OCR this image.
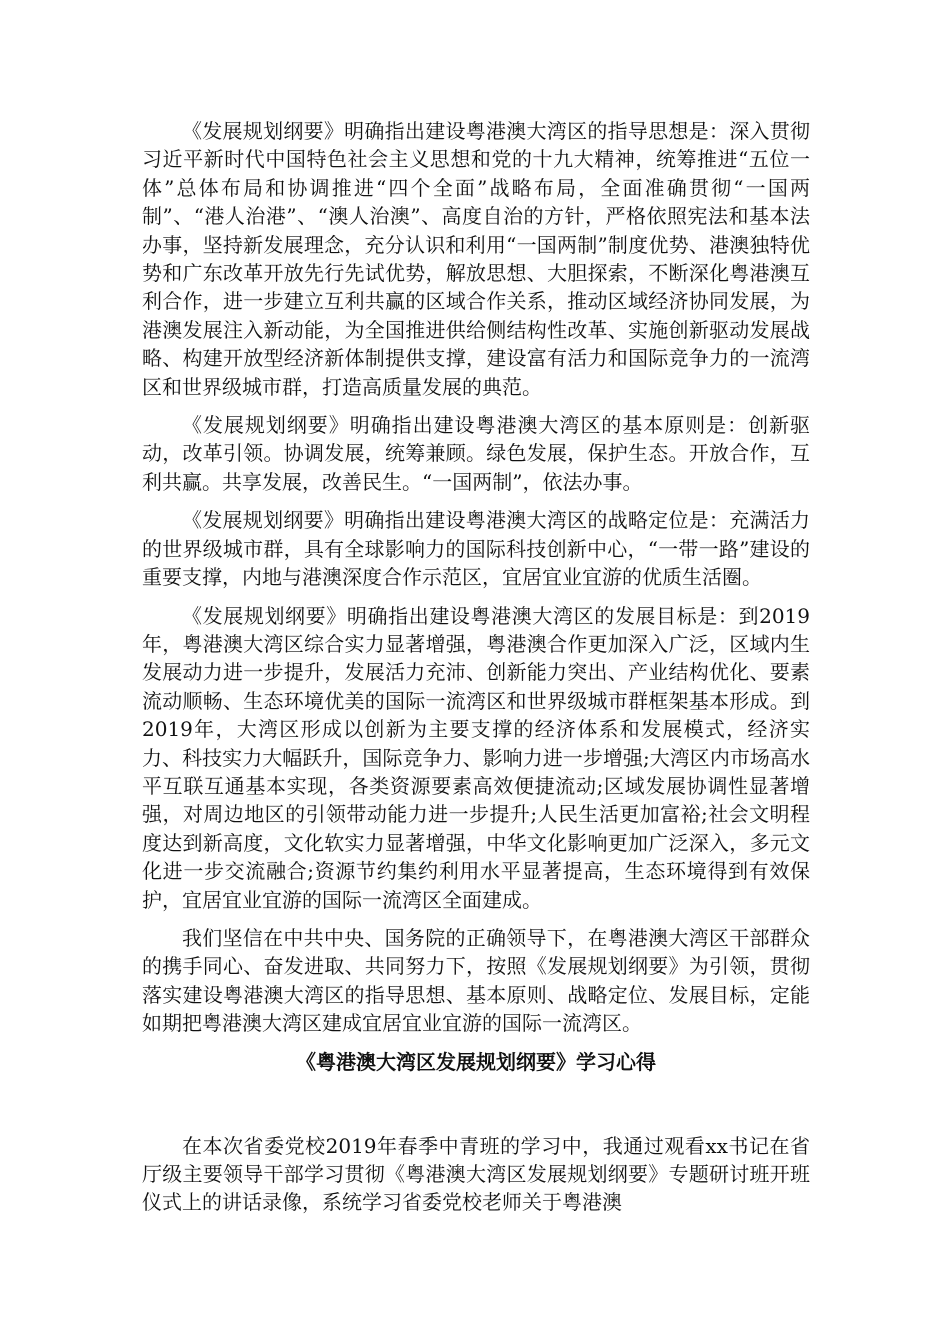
《发展规划纲要》明确指出建设粤港澳大湾区的指导思想是：深入贯彻习近平新时代中国特色社会主义思想和党的十九大精神，统筹推进“五位一体”总体布局和协调推进“四个全面”战略布局，全面准确贯彻“一国两制”、“港人治港”、“澳人治澳”、高度自治的方针，严格依照宪法和基本法办事，坚持新发展理念，充分认识和利用“一国两制”制度优势、港澳独特优势和广东改革开放先行先试优势，解放思想、大胆探索，不断深化粤港澳互利合作，进一步建立互利共赢的区域合作关系，推动区域经济协同发展，为港澳发展注入新动能，为全国推进供给侧结构性改革、实施创新驱动发展战略、构建开放型经济新体制提供支撑，建设富有活力和国际竞争力的一流湾区和世界级城市群，打造高质量发展的典范。

《发展规划纲要》明确指出建设粤港澳大湾区的基本原则是：创新驱动，改革引领。协调发展，统筹兼顾。绿色发展，保护生态。开放合作，互利共赢。共享发展，改善民生。“一国两制”，依法办事。

《发展规划纲要》明确指出建设粤港澳大湾区的战略定位是：充满活力的世界级城市群，具有全球影响力的国际科技创新中心，“一带一路”建设的重要支撑，内地与港澳深度合作示范区，宜居宜业宜游的优质生活圈。

《发展规划纲要》明确指出建设粤港澳大湾区的发展目标是：到2019年，粤港澳大湾区综合实力显著增强，粤港澳合作更加深入广泛，区域内生发展动力进一步提升，发展活力充沛、创新能力突出、产业结构优化、要素流动顺畅、生态环境优美的国际一流湾区和世界级城市群框架基本形成。到2019年，大湾区形成以创新为主要支撑的经济体系和发展模式，经济实力、科技实力大幅跃升，国际竞争力、影响力进一步增强;大湾区内市场高水平互联互通基本实现，各类资源要素高效便捷流动;区域发展协调性显著增强，对周边地区的引领带动能力进一步提升;人民生活更加富裕;社会文明程度达到新高度，文化软实力显著增强，中华文化影响更加广泛深入，多元文化进一步交流融合;资源节约集约利用水平显著提高，生态环境得到有效保护，宜居宜业宜游的国际一流湾区全面建成。

我们坚信在中共中央、国务院的正确领导下，在粤港澳大湾区干部群众的携手同心、奋发进取、共同努力下，按照《发展规划纲要》为引领，贯彻落实建设粤港澳大湾区的指导思想、基本原则、战略定位、发展目标，定能如期把粤港澳大湾区建成宜居宜业宜游的国际一流湾区。

《粤港澳大湾区发展规划纲要》学习心得

在本次省委党校2019年春季中青班的学习中，我通过观看xx书记在省厅级主要领导干部学习贯彻《粤港澳大湾区发展规划纲要》专题研讨班开班仪式上的讲话录像，系统学习省委党校老师关于粤港澳
